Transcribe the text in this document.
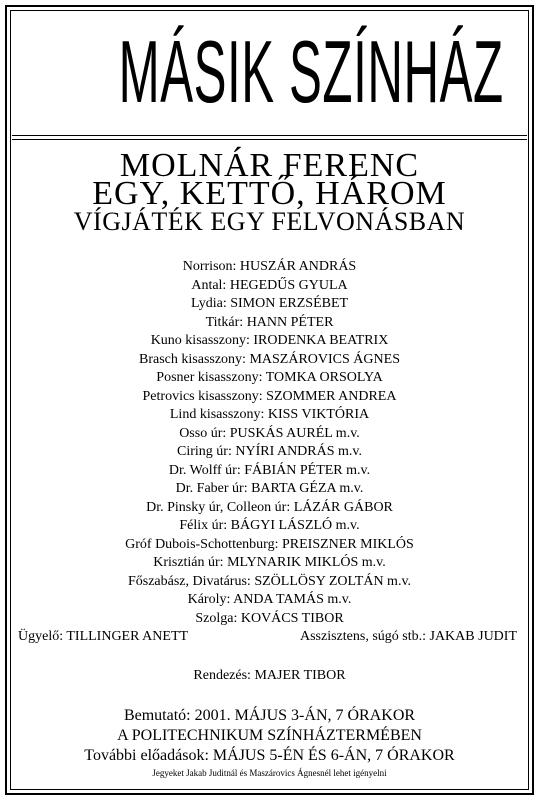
MÁSIK SZÍNHÁZ
MOLNÁR FERENC
EGY, KETTŐ, HÁROM
VÍGJÁTÉK EGY FELVONÁSBAN
Norrison: HUSZÁR ANDRÁS
Antal: HEGEDŰS GYULA
Lydia: SIMON ERZSÉBET
Titkár: HANN PÉTER
Kuno kisasszony: IRODENKA BEATRIX
Brasch kisasszony: MASZÁROVICS ÁGNES
Posner kisasszony: TOMKA ORSOLYA
Petrovics kisasszony: SZOMMER ANDREA
Lind kisasszony: KISS VIKTÓRIA
Osso úr: PUSKÁS AURÉL m.v.
Ciring úr: NYÍRI ANDRÁS m.v.
Dr. Wolff úr: FÁBIÁN PÉTER m.v.
Dr. Faber úr: BARTA GÉZA m.v.
Dr. Pinsky úr, Colleon úr: LÁZÁR GÁBOR
Félix úr: BÁGYI LÁSZLÓ m.v.
Gróf Dubois-Schottenburg: PREISZNER MIKLÓS
Krisztián úr: MLYNARIK MIKLÓS m.v.
Főszabász, Divatárus: SZÖLLÖSY ZOLTÁN m.v.
Károly: ANDA TAMÁS m.v.
Szolga: KOVÁCS TIBOR
Ügyelő: TILLINGER ANETT	Asszisztens, súgó stb.: JAKAB JUDIT
Rendezés: MAJER TIBOR
Bemutató: 2001. MÁJUS 3-ÁN, 7 ÓRAKOR
A POLITECHNIKUM SZÍNHÁZTERMÉBEN
További előadások: MÁJUS 5-ÉN ÉS 6-ÁN, 7 ÓRAKOR
Jegyeket Jakab Juditnál és Maszárovics Ágnesnél lehet igényelni
